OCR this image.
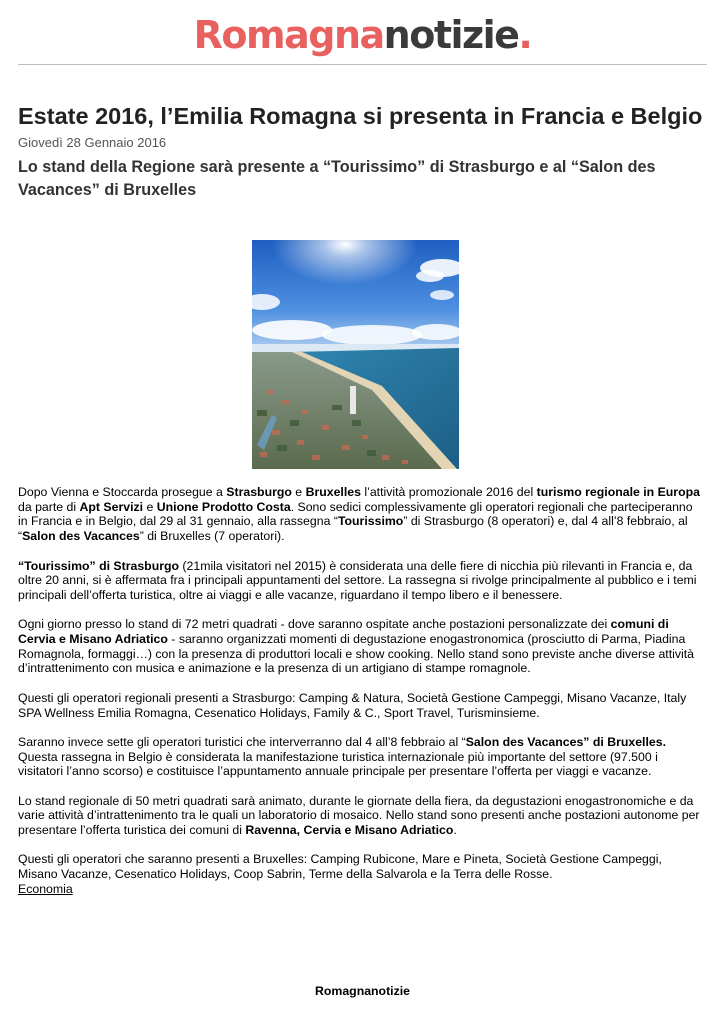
Romagnanotizie.
Estate 2016, l’Emilia Romagna si presenta in Francia e Belgio
Giovedì 28 Gennaio 2016
Lo stand della Regione sarà presente a “Tourissimo” di Strasburgo e al “Salon des Vacances” di Bruxelles

Dopo Vienna e Stoccarda prosegue a Strasburgo e Bruxelles l’attività promozionale 2016 del turismo regionale in Europa da parte di Apt Servizi e Unione Prodotto Costa. Sono sedici complessivamente gli operatori regionali che parteciperanno in Francia e in Belgio, dal 29 al 31 gennaio, alla rassegna “Tourissimo” di Strasburgo (8 operatori) e, dal 4 all’8 febbraio, al “Salon des Vacances” di Bruxelles (7 operatori).

“Tourissimo” di Strasburgo (21mila visitatori nel 2015) è considerata una delle fiere di nicchia più rilevanti in Francia e, da oltre 20 anni, si è affermata fra i principali appuntamenti del settore. La rassegna si rivolge principalmente al pubblico e i temi principali dell’offerta turistica, oltre ai viaggi e alle vacanze, riguardano il tempo libero e il benessere.

Ogni giorno presso lo stand di 72 metri quadrati - dove saranno ospitate anche postazioni personalizzate dei comuni di Cervia e Misano Adriatico - saranno organizzati momenti di degustazione enogastronomica (prosciutto di Parma, Piadina Romagnola, formaggi…) con la presenza di produttori locali e show cooking. Nello stand sono previste anche diverse attività d’intrattenimento con musica e animazione e la presenza di un artigiano di stampe romagnole.

Questi gli operatori regionali presenti a Strasburgo: Camping & Natura, Società Gestione Campeggi, Misano Vacanze, Italy SPA Wellness Emilia Romagna, Cesenatico Holidays, Family & C., Sport Travel, Turisminsieme.

Saranno invece sette gli operatori turistici che interverranno dal 4 all’8 febbraio al “Salon des Vacances” di Bruxelles. Questa rassegna in Belgio è considerata la manifestazione turistica internazionale più importante del settore (97.500 i visitatori l’anno scorso) e costituisce l’appuntamento annuale principale per presentare l’offerta per viaggi e vacanze.

Lo stand regionale di 50 metri quadrati sarà animato, durante le giornate della fiera, da degustazioni enogastronomiche e da varie attività d’intrattenimento tra le quali un laboratorio di mosaico. Nello stand sono presenti anche postazioni autonome per presentare l’offerta turistica dei comuni di Ravenna, Cervia e Misano Adriatico.

Questi gli operatori che saranno presenti a Bruxelles: Camping Rubicone, Mare e Pineta, Società Gestione Campeggi, Misano Vacanze, Cesenatico Holidays, Coop Sabrin, Terme della Salvarola e la Terra delle Rosse.
Economia

Romagnanotizie
